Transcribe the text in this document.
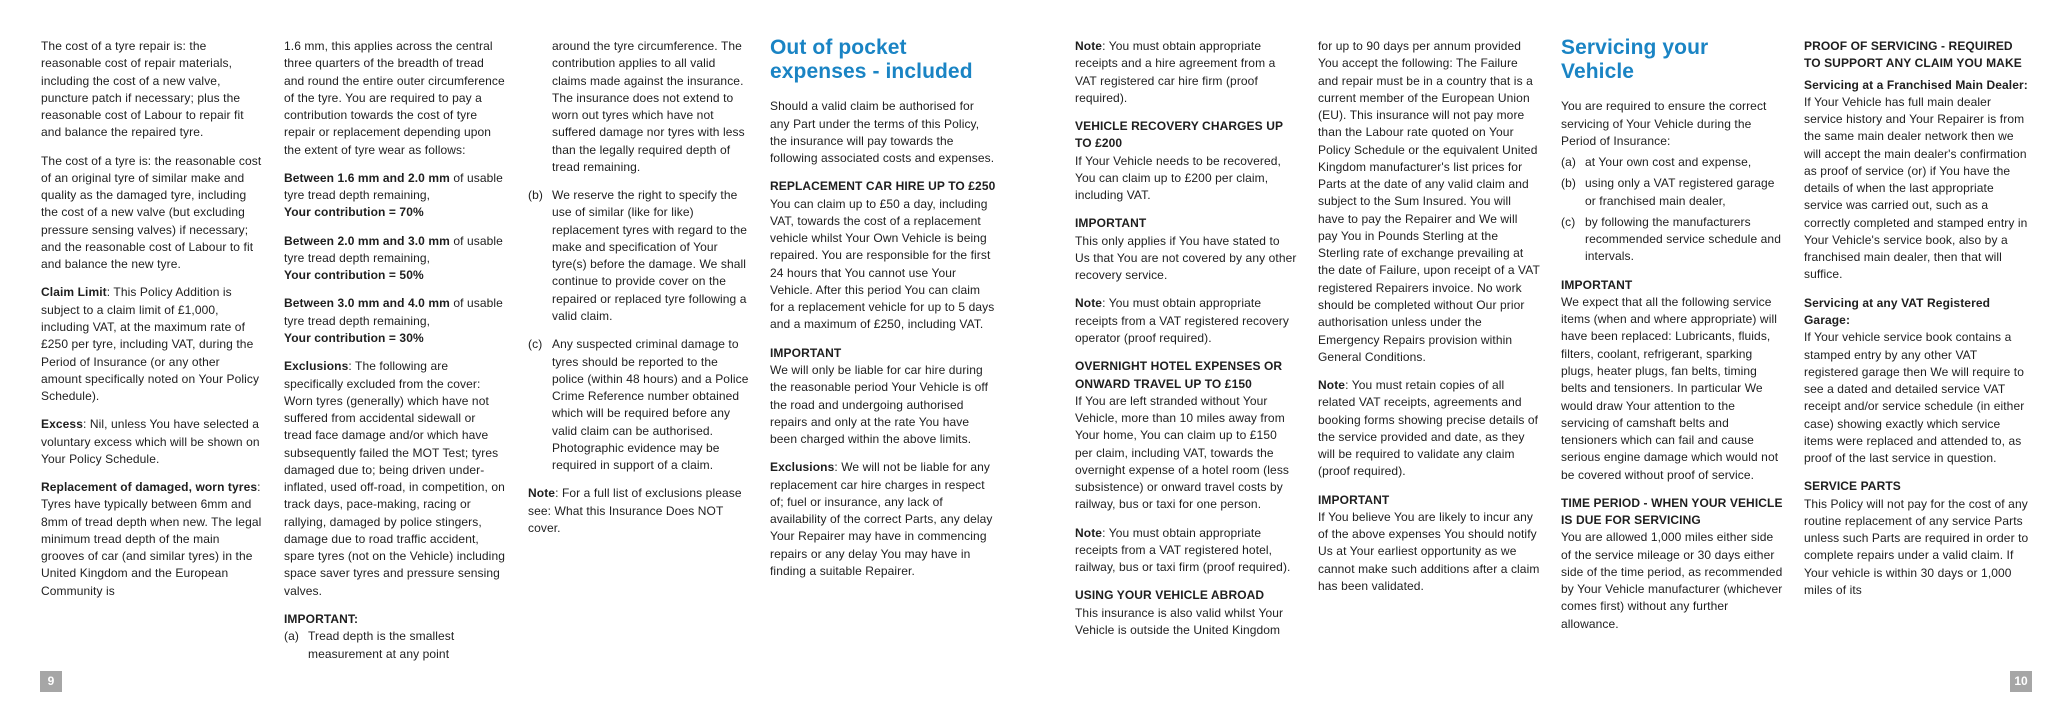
The cost of a tyre repair is: the reasonable cost of repair materials, including the cost of a new valve, puncture patch if necessary; plus the reasonable cost of Labour to repair fit and balance the repaired tyre.

The cost of a tyre is: the reasonable cost of an original tyre of similar make and quality as the damaged tyre, including the cost of a new valve (but excluding pressure sensing valves) if necessary; and the reasonable cost of Labour to fit and balance the new tyre.

Claim Limit: This Policy Addition is subject to a claim limit of £1,000, including VAT, at the maximum rate of £250 per tyre, including VAT, during the Period of Insurance (or any other amount specifically noted on Your Policy Schedule).

Excess: Nil, unless You have selected a voluntary excess which will be shown on Your Policy Schedule.

Replacement of damaged, worn tyres: Tyres have typically between 6mm and 8mm of tread depth when new. The legal minimum tread depth of the main grooves of car (and similar tyres) in the United Kingdom and the European Community is

1.6 mm, this applies across the central three quarters of the breadth of tread and round the entire outer circumference of the tyre. You are required to pay a contribution towards the cost of tyre repair or replacement depending upon the extent of tyre wear as follows:

Between 1.6 mm and 2.0 mm of usable tyre tread depth remaining,
Your contribution = 70%

Between 2.0 mm and 3.0 mm of usable tyre tread depth remaining,
Your contribution = 50%

Between 3.0 mm and 4.0 mm of usable tyre tread depth remaining,
Your contribution = 30%

Exclusions: The following are specifically excluded from the cover: Worn tyres (generally) which have not suffered from accidental sidewall or tread face damage and/or which have subsequently failed the MOT Test; tyres damaged due to; being driven under-inflated, used off-road, in competition, on track days, pace-making, racing or rallying, damaged by police stingers, damage due to road traffic accident, spare tyres (not on the Vehicle) including space saver tyres and pressure sensing valves.

IMPORTANT:
(a) Tread depth is the smallest measurement at any point

around the tyre circumference. The contribution applies to all valid claims made against the insurance. The insurance does not extend to worn out tyres which have not suffered damage nor tyres with less than the legally required depth of tread remaining.

(b) We reserve the right to specify the use of similar (like for like) replacement tyres with regard to the make and specification of Your tyre(s) before the damage. We shall continue to provide cover on the repaired or replaced tyre following a valid claim.
(c) Any suspected criminal damage to tyres should be reported to the police (within 48 hours) and a Police Crime Reference number obtained which will be required before any valid claim can be authorised. Photographic evidence may be required in support of a claim.

Note: For a full list of exclusions please see: What this Insurance Does NOT cover.

Out of pocket expenses - included

Should a valid claim be authorised for any Part under the terms of this Policy, the insurance will pay towards the following associated costs and expenses.

REPLACEMENT CAR HIRE UP TO £250

You can claim up to £50 a day, including VAT, towards the cost of a replacement vehicle whilst Your Own Vehicle is being repaired. You are responsible for the first 24 hours that You cannot use Your Vehicle. After this period You can claim for a replacement vehicle for up to 5 days and a maximum of £250, including VAT.

IMPORTANT

We will only be liable for car hire during the reasonable period Your Vehicle is off the road and undergoing authorised repairs and only at the rate You have been charged within the above limits.

Exclusions: We will not be liable for any replacement car hire charges in respect of; fuel or insurance, any lack of availability of the correct Parts, any delay Your Repairer may have in commencing repairs or any delay You may have in finding a suitable Repairer.

9

Note: You must obtain appropriate receipts and a hire agreement from a VAT registered car hire firm (proof required).

VEHICLE RECOVERY CHARGES UP TO £200

If Your Vehicle needs to be recovered, You can claim up to £200 per claim, including VAT.

IMPORTANT

This only applies if You have stated to Us that You are not covered by any other recovery service.

Note: You must obtain appropriate receipts from a VAT registered recovery operator (proof required).

OVERNIGHT HOTEL EXPENSES OR ONWARD TRAVEL UP TO £150

If You are left stranded without Your Vehicle, more than 10 miles away from Your home, You can claim up to £150 per claim, including VAT, towards the overnight expense of a hotel room (less subsistence) or onward travel costs by railway, bus or taxi for one person.

Note: You must obtain appropriate receipts from a VAT registered hotel, railway, bus or taxi firm (proof required).

USING YOUR VEHICLE ABROAD

This insurance is also valid whilst Your Vehicle is outside the United Kingdom

for up to 90 days per annum provided You accept the following: The Failure and repair must be in a country that is a current member of the European Union (EU). This insurance will not pay more than the Labour rate quoted on Your Policy Schedule or the equivalent United Kingdom manufacturer's list prices for Parts at the date of any valid claim and subject to the Sum Insured. You will have to pay the Repairer and We will pay You in Pounds Sterling at the Sterling rate of exchange prevailing at the date of Failure, upon receipt of a VAT registered Repairers invoice. No work should be completed without Our prior authorisation unless under the Emergency Repairs provision within General Conditions.

Note: You must retain copies of all related VAT receipts, agreements and booking forms showing precise details of the service provided and date, as they will be required to validate any claim (proof required).

IMPORTANT

If You believe You are likely to incur any of the above expenses You should notify Us at Your earliest opportunity as we cannot make such additions after a claim has been validated.

Servicing your Vehicle

You are required to ensure the correct servicing of Your Vehicle during the Period of Insurance:

(a) at Your own cost and expense,
(b) using only a VAT registered garage or franchised main dealer,
(c) by following the manufacturers recommended service schedule and intervals.
IMPORTANT

We expect that all the following service items (when and where appropriate) will have been replaced: Lubricants, fluids, filters, coolant, refrigerant, sparking plugs, heater plugs, fan belts, timing belts and tensioners. In particular We would draw Your attention to the servicing of camshaft belts and tensioners which can fail and cause serious engine damage which would not be covered without proof of service.

TIME PERIOD - WHEN YOUR VEHICLE IS DUE FOR SERVICING

You are allowed 1,000 miles either side of the service mileage or 30 days either side of the time period, as recommended by Your Vehicle manufacturer (whichever comes first) without any further allowance.

PROOF OF SERVICING - REQUIRED TO SUPPORT ANY CLAIM YOU MAKE
Servicing at a Franchised Main Dealer:

If Your Vehicle has full main dealer service history and Your Repairer is from the same main dealer network then we will accept the main dealer's confirmation as proof of service (or) if You have the details of when the last appropriate service was carried out, such as a correctly completed and stamped entry in Your Vehicle's service book, also by a franchised main dealer, then that will suffice.

Servicing at any VAT Registered Garage:

If Your vehicle service book contains a stamped entry by any other VAT registered garage then We will require to see a dated and detailed service VAT receipt and/or service schedule (in either case) showing exactly which service items were replaced and attended to, as proof of the last service in question.

SERVICE PARTS

This Policy will not pay for the cost of any routine replacement of any service Parts unless such Parts are required in order to complete repairs under a valid claim. If Your vehicle is within 30 days or 1,000 miles of its

10
